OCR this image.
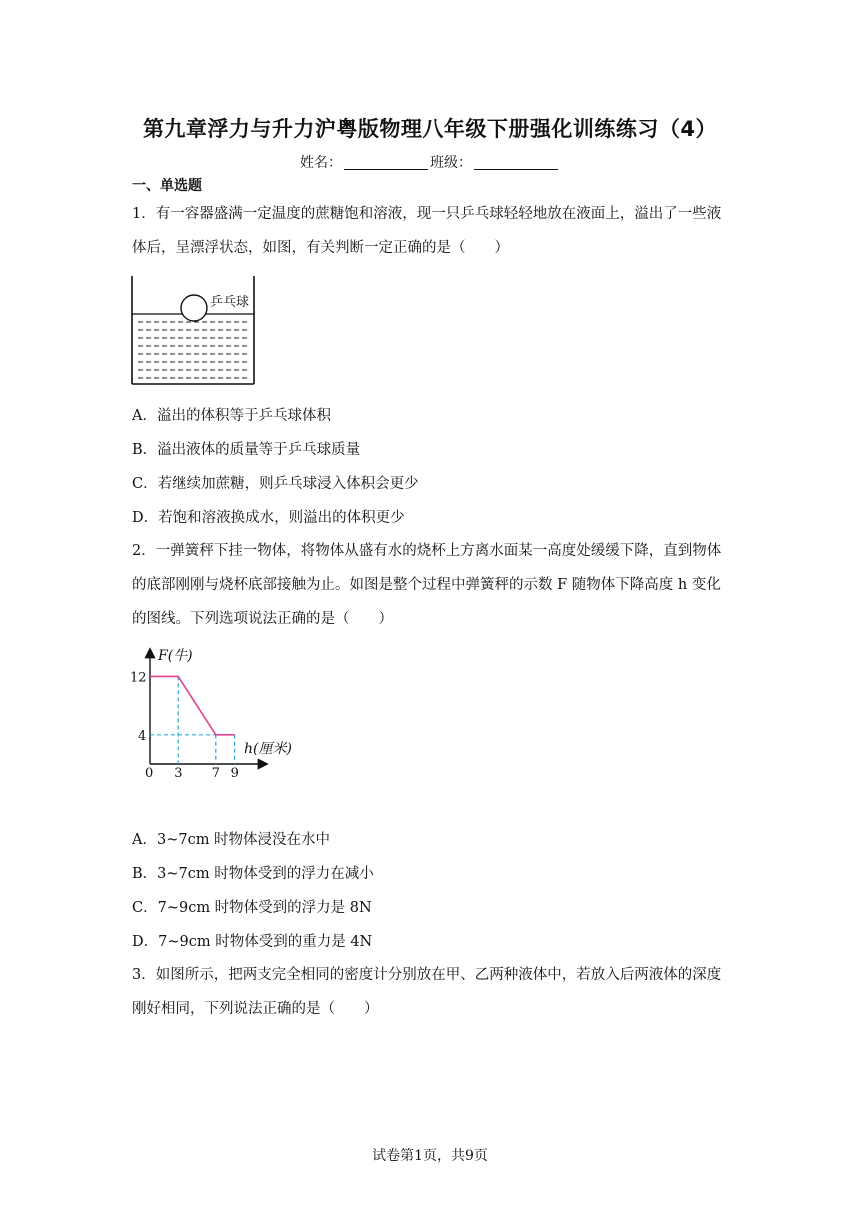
第九章浮力与升力沪粤版物理八年级下册强化训练练习（4）
姓名：	班级：
一、单选题
1．有一容器盛满一定温度的蔗糖饱和溶液，现一只乒乓球轻轻地放在液面上，溢出了一些液体后，呈漂浮状态，如图，有关判断一定正确的是（　　）
乒乓球
A．溢出的体积等于乒乓球体积
B．溢出液体的质量等于乒乓球质量
C．若继续加蔗糖，则乒乓球浸入体积会更少
D．若饱和溶液换成水，则溢出的体积更少
2．一弹簧秤下挂一物体，将物体从盛有水的烧杯上方离水面某一高度处缓缓下降，直到物体的底部刚刚与烧杯底部接触为止。如图是整个过程中弹簧秤的示数 F 随物体下降高度 h 变化的图线。下列选项说法正确的是（　　）
F(牛)
h(厘米)
0 3 7 9
12
4
A．3~7cm 时物体浸没在水中
B．3~7cm 时物体受到的浮力在减小
C．7~9cm 时物体受到的浮力是 8N
D．7~9cm 时物体受到的重力是 4N
3．如图所示，把两支完全相同的密度计分别放在甲、乙两种液体中，若放入后两液体的深度刚好相同，下列说法正确的是（　　）
试卷第1页，共9页
